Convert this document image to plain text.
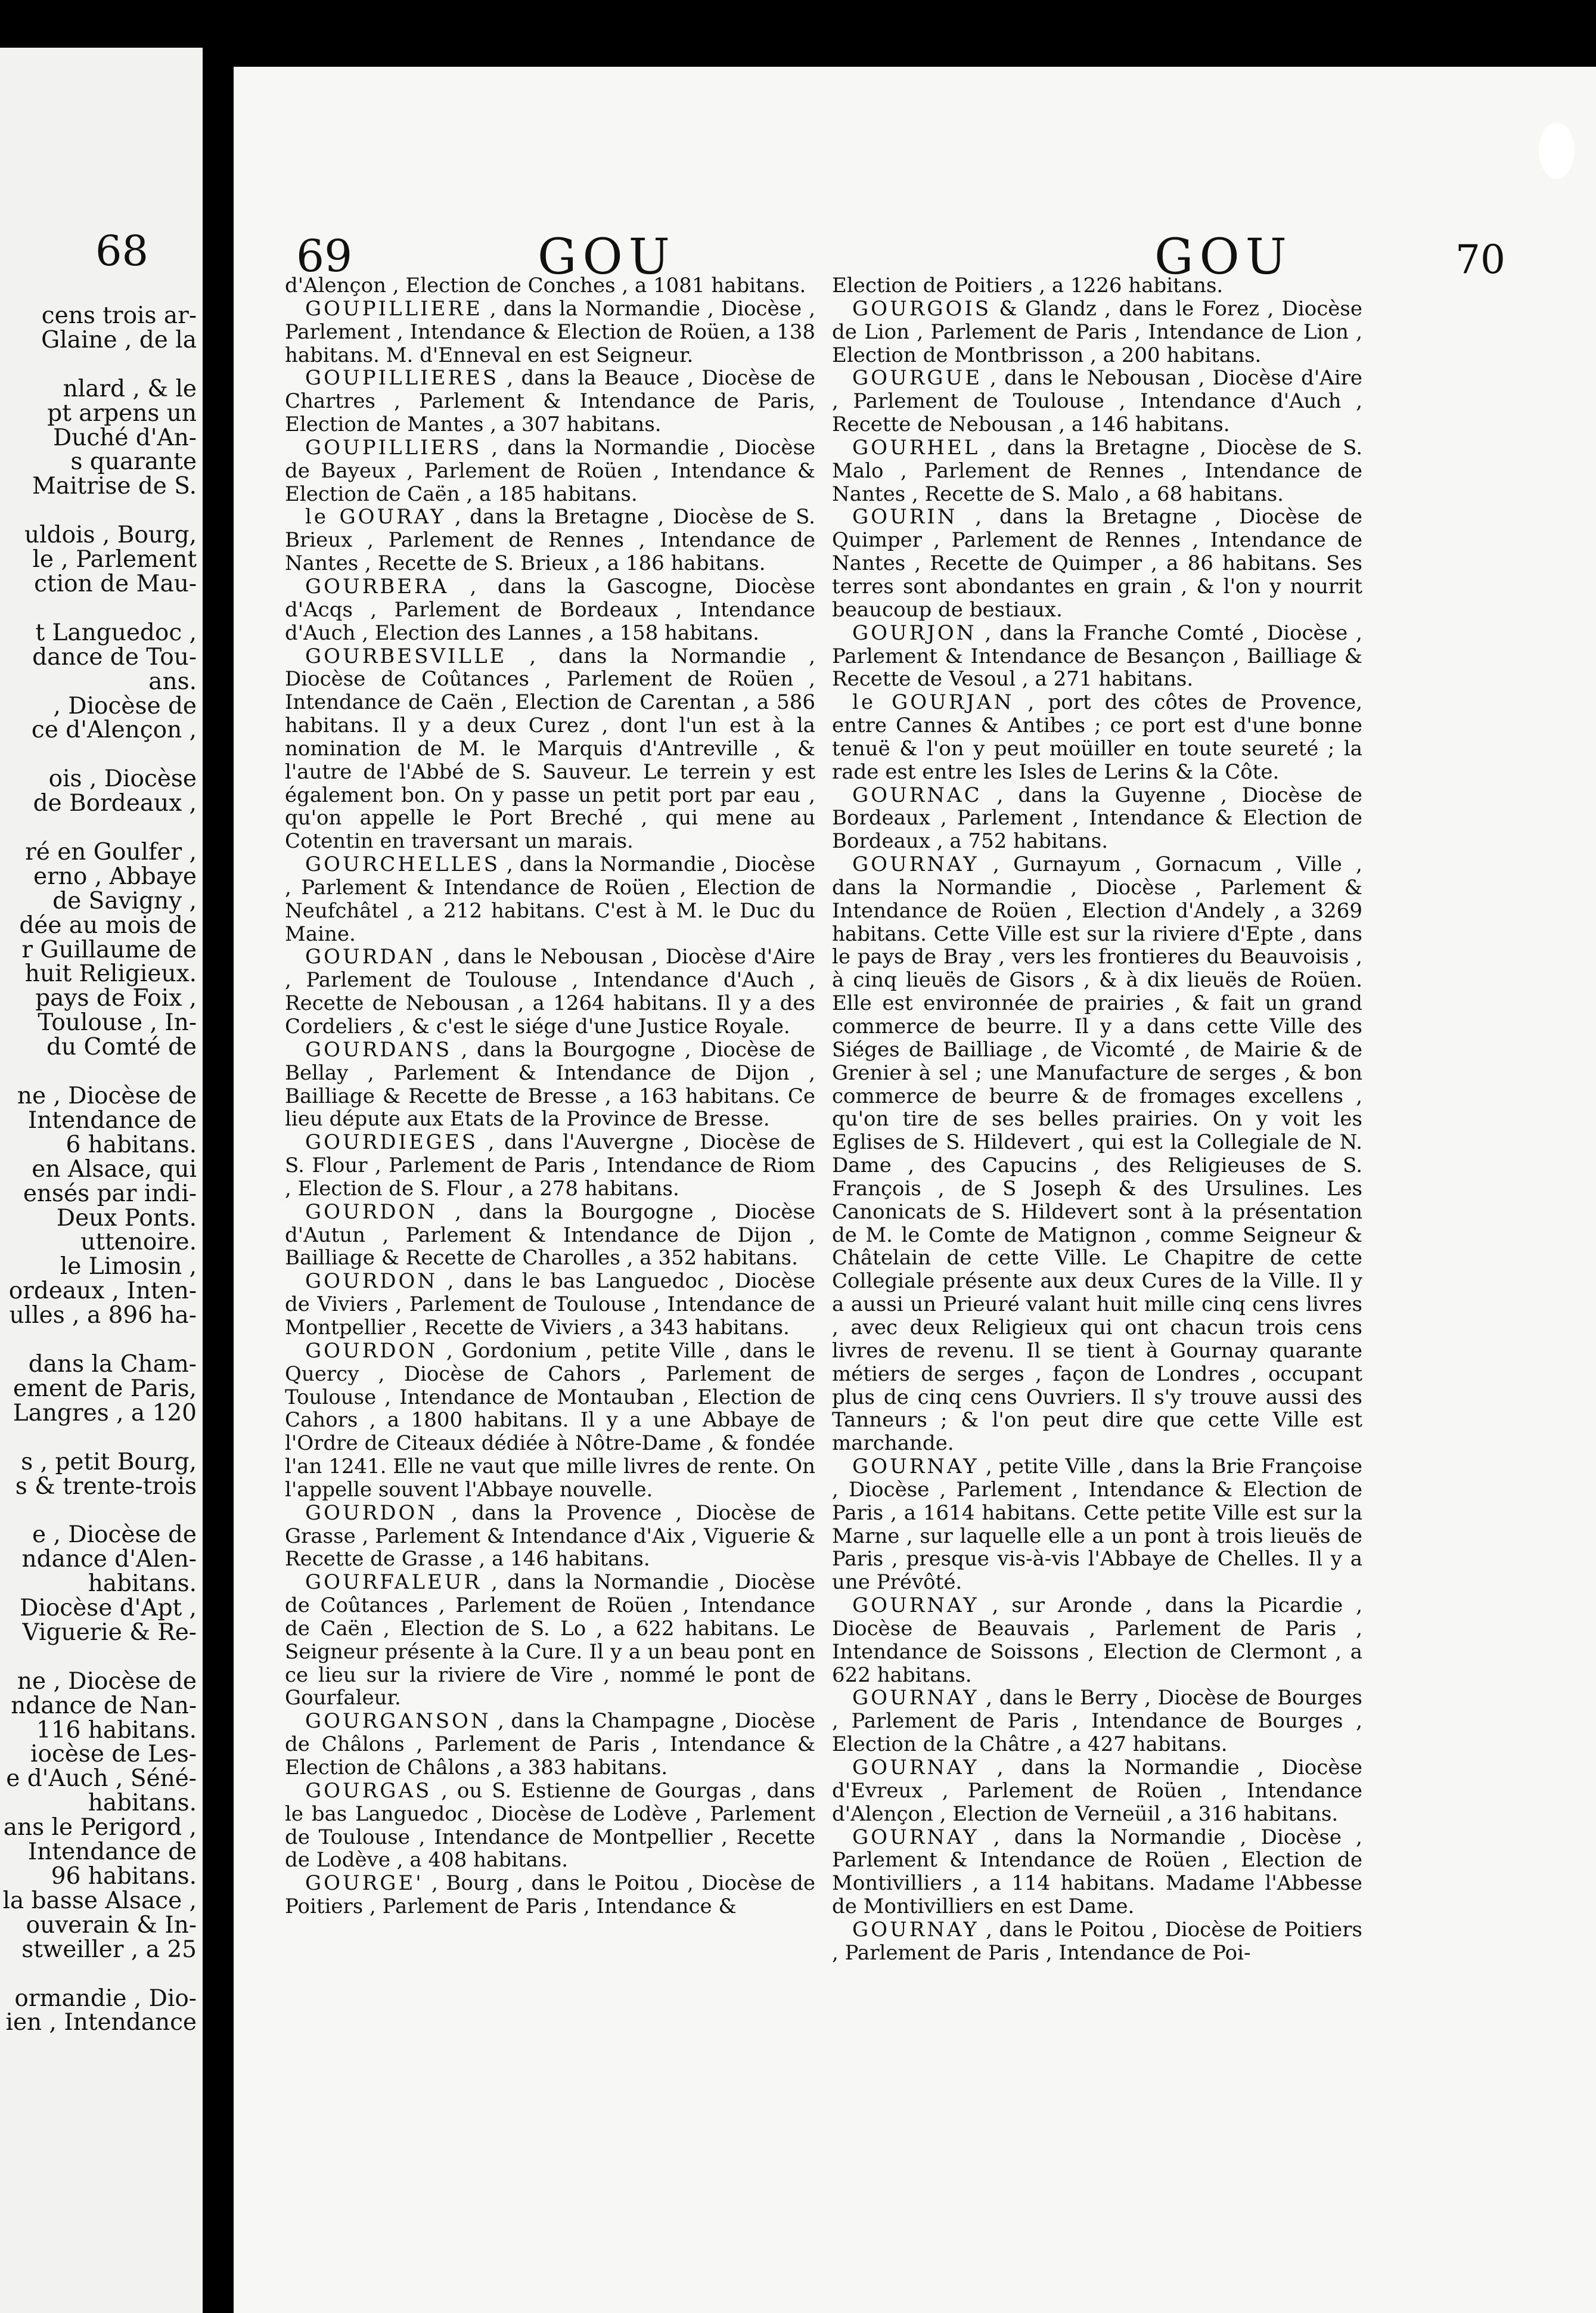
68
cens trois ar-
Glaine , de la

nlard , & le
pt arpens un
Duché d'An-
s quarante
Maitrise de S.

uldois , Bourg,
le , Parlement
ction de Mau-

t Languedoc ,
dance de Tou-
ans.
, Diocèse de
ce d'Alençon ,

ois , Diocèse
de Bordeaux ,

ré en Goulfer ,
erno , Abbaye
de Savigny ,
dée au mois de
r Guillaume de
huit Religieux.
pays de Foix ,
Toulouse , In-
du Comté de

ne , Diocèse de
Intendance de
6 habitans.
en Alsace, qui
ensés par indi-
Deux Ponts.
uttenoire.
le Limosin ,
ordeaux , Inten-
ulles , a 896 ha-

dans la Cham-
ement de Paris,
Langres , a 120

s , petit Bourg,
s & trente-trois

e , Diocèse de
ndance d'Alen-
habitans.
Diocèse d'Apt ,
Viguerie & Re-

ne , Diocèse de
ndance de Nan-
116 habitans.
iocèse de Les-
e d'Auch , Séné-
habitans.
ans le Perigord ,
Intendance de
96 habitans.
la basse Alsace ,
ouverain & In-
stweiller , a 25

ormandie , Dio-
ien , Intendance
69	GOU	GOU	70

d'Alençon , Election de Conches , a 1081 habitans.

GOUPILLIERE , dans la Normandie , Diocèse , Parlement , Intendance & Election de Roüen, a 138 habitans. M. d'Enneval en est Seigneur.

GOUPILLIERES , dans la Beauce , Diocèse de Chartres , Parlement & Intendance de Paris, Election de Mantes , a 307 habitans.

GOUPILLIERS , dans la Normandie , Diocèse de Bayeux , Parlement de Roüen , Intendance & Election de Caën , a 185 habitans.

le GOURAY , dans la Bretagne , Diocèse de S. Brieux , Parlement de Rennes , Intendance de Nantes , Recette de S. Brieux , a 186 habitans.

GOURBERA , dans la Gascogne, Diocèse d'Acqs , Parlement de Bordeaux , Intendance d'Auch , Election des Lannes , a 158 habitans.

GOURBESVILLE , dans la Normandie , Diocèse de Coûtances , Parlement de Roüen , Intendance de Caën , Election de Carentan , a 586 habitans. Il y a deux Curez , dont l'un est à la nomination de M. le Marquis d'Antreville , & l'autre de l'Abbé de S. Sauveur. Le terrein y est également bon. On y passe un petit port par eau , qu'on appelle le Port Breché , qui mene au Cotentin en traversant un marais.

GOURCHELLES , dans la Normandie , Diocèse , Parlement & Intendance de Roüen , Election de Neufchâtel , a 212 habitans. C'est à M. le Duc du Maine.

GOURDAN , dans le Nebousan , Diocèse d'Aire , Parlement de Toulouse , Intendance d'Auch , Recette de Nebousan , a 1264 habitans. Il y a des Cordeliers , & c'est le siége d'une Justice Royale.

GOURDANS , dans la Bourgogne , Diocèse de Bellay , Parlement & Intendance de Dijon , Bailliage & Recette de Bresse , a 163 habitans. Ce lieu députe aux Etats de la Province de Bresse.

GOURDIEGES , dans l'Auvergne , Diocèse de S. Flour , Parlement de Paris , Intendance de Riom , Election de S. Flour , a 278 habitans.

GOURDON , dans la Bourgogne , Diocèse d'Autun , Parlement & Intendance de Dijon , Bailliage & Recette de Charolles , a 352 habitans.

GOURDON , dans le bas Languedoc , Diocèse de Viviers , Parlement de Toulouse , Intendance de Montpellier , Recette de Viviers , a 343 habitans.

GOURDON , Gordonium , petite Ville , dans le Quercy , Diocèse de Cahors , Parlement de Toulouse , Intendance de Montauban , Election de Cahors , a 1800 habitans. Il y a une Abbaye de l'Ordre de Citeaux dédiée à Nôtre-Dame , & fondée l'an 1241. Elle ne vaut que mille livres de rente. On l'appelle souvent l'Abbaye nouvelle.

GOURDON , dans la Provence , Diocèse de Grasse , Parlement & Intendance d'Aix , Viguerie & Recette de Grasse , a 146 habitans.

GOURFALEUR , dans la Normandie , Diocèse de Coûtances , Parlement de Roüen , Intendance de Caën , Election de S. Lo , a 622 habitans. Le Seigneur présente à la Cure. Il y a un beau pont en ce lieu sur la riviere de Vire , nommé le pont de Gourfaleur.

GOURGANSON , dans la Champagne , Diocèse de Châlons , Parlement de Paris , Intendance & Election de Châlons , a 383 habitans.

GOURGAS , ou S. Estienne de Gourgas , dans le bas Languedoc , Diocèse de Lodève , Parlement de Toulouse , Intendance de Montpellier , Recette de Lodève , a 408 habitans.

GOURGE' , Bourg , dans le Poitou , Diocèse de Poitiers , Parlement de Paris , Intendance &

Election de Poitiers , a 1226 habitans.

GOURGOIS & Glandz , dans le Forez , Diocèse de Lion , Parlement de Paris , Intendance de Lion , Election de Montbrisson , a 200 habitans.

GOURGUE , dans le Nebousan , Diocèse d'Aire , Parlement de Toulouse , Intendance d'Auch , Recette de Nebousan , a 146 habitans.

GOURHEL , dans la Bretagne , Diocèse de S. Malo , Parlement de Rennes , Intendance de Nantes , Recette de S. Malo , a 68 habitans.

GOURIN , dans la Bretagne , Diocèse de Quimper , Parlement de Rennes , Intendance de Nantes , Recette de Quimper , a 86 habitans. Ses terres sont abondantes en grain , & l'on y nourrit beaucoup de bestiaux.

GOURJON , dans la Franche Comté , Diocèse , Parlement & Intendance de Besançon , Bailliage & Recette de Vesoul , a 271 habitans.

le GOURJAN , port des côtes de Provence, entre Cannes & Antibes ; ce port est d'une bonne tenuë & l'on y peut moüiller en toute seureté ; la rade est entre les Isles de Lerins & la Côte.

GOURNAC , dans la Guyenne , Diocèse de Bordeaux , Parlement , Intendance & Election de Bordeaux , a 752 habitans.

GOURNAY , Gurnayum , Gornacum , Ville , dans la Normandie , Diocèse , Parlement & Intendance de Roüen , Election d'Andely , a 3269 habitans. Cette Ville est sur la riviere d'Epte , dans le pays de Bray , vers les frontieres du Beauvoisis , à cinq lieuës de Gisors , & à dix lieuës de Roüen. Elle est environnée de prairies , & fait un grand commerce de beurre. Il y a dans cette Ville des Siéges de Bailliage , de Vicomté , de Mairie & de Grenier à sel ; une Manufacture de serges , & bon commerce de beurre & de fromages excellens , qu'on tire de ses belles prairies. On y voit les Eglises de S. Hildevert , qui est la Collegiale de N. Dame , des Capucins , des Religieuses de S. François , de S Joseph & des Ursulines. Les Canonicats de S. Hildevert sont à la présentation de M. le Comte de Matignon , comme Seigneur & Châtelain de cette Ville. Le Chapitre de cette Collegiale présente aux deux Cures de la Ville. Il y a aussi un Prieuré valant huit mille cinq cens livres , avec deux Religieux qui ont chacun trois cens livres de revenu. Il se tient à Gournay quarante métiers de serges , façon de Londres , occupant plus de cinq cens Ouvriers. Il s'y trouve aussi des Tanneurs ; & l'on peut dire que cette Ville est marchande.

GOURNAY , petite Ville , dans la Brie Françoise , Diocèse , Parlement , Intendance & Election de Paris , a 1614 habitans. Cette petite Ville est sur la Marne , sur laquelle elle a un pont à trois lieuës de Paris , presque vis-à-vis l'Abbaye de Chelles. Il y a une Prévôté.

GOURNAY , sur Aronde , dans la Picardie , Diocèse de Beauvais , Parlement de Paris , Intendance de Soissons , Election de Clermont , a 622 habitans.

GOURNAY , dans le Berry , Diocèse de Bourges , Parlement de Paris , Intendance de Bourges , Election de la Châtre , a 427 habitans.

GOURNAY , dans la Normandie , Diocèse d'Evreux , Parlement de Roüen , Intendance d'Alençon , Election de Verneüil , a 316 habitans.

GOURNAY , dans la Normandie , Diocèse , Parlement & Intendance de Roüen , Election de Montivilliers , a 114 habitans. Madame l'Abbesse de Montivilliers en est Dame.

GOURNAY , dans le Poitou , Diocèse de Poitiers , Parlement de Paris , Intendance de Poi-
